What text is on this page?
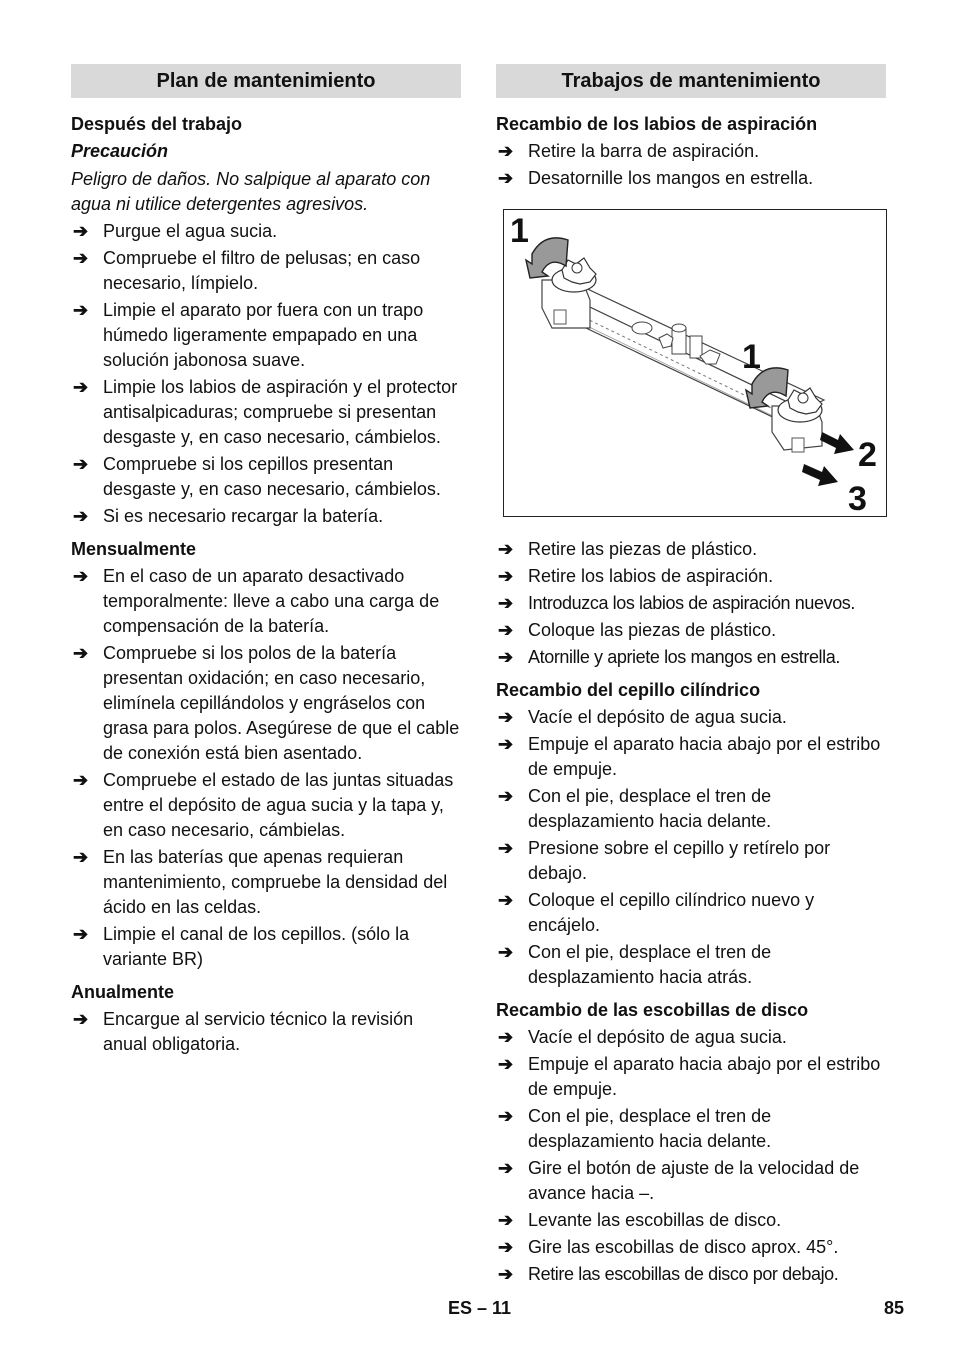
Plan de mantenimiento
Después del trabajo
Precaución
Peligro de daños. No salpique al aparato con agua ni utilice detergentes agresivos.
➔ Purgue el agua sucia.
➔ Compruebe el filtro de pelusas; en caso necesario, límpielo.
➔ Limpie el aparato por fuera con un trapo húmedo ligeramente empapado en una solución jabonosa suave.
➔ Limpie los labios de aspiración y el protector antisalpicaduras; compruebe si presentan desgaste y, en caso necesario, cámbielos.
➔ Compruebe si los cepillos presentan desgaste y, en caso necesario, cámbielos.
➔ Si es necesario recargar la batería.
Mensualmente
➔ En el caso de un aparato desactivado temporalmente: lleve a cabo una carga de compensación de la batería.
➔ Compruebe si los polos de la batería presentan oxidación; en caso necesario, elimínela cepillándolos y engráselos con grasa para polos. Asegúrese de que el cable de conexión está bien asentado.
➔ Compruebe el estado de las juntas situadas entre el depósito de agua sucia y la tapa y, en caso necesario, cámbielas.
➔ En las baterías que apenas requieran mantenimiento, compruebe la densidad del ácido en las celdas.
➔ Limpie el canal de los cepillos. (sólo la variante BR)
Anualmente
➔ Encargue al servicio técnico la revisión anual obligatoria.
Trabajos de mantenimiento
Recambio de los labios de aspiración
➔ Retire la barra de aspiración.
➔ Desatornille los mangos en estrella.
1
1
2
3
➔ Retire las piezas de plástico.
➔ Retire los labios de aspiración.
➔ Introduzca los labios de aspiración nuevos.
➔ Coloque las piezas de plástico.
➔ Atornille y apriete los mangos en estrella.
Recambio del cepillo cilíndrico
➔ Vacíe el depósito de agua sucia.
➔ Empuje el aparato hacia abajo por el estribo de empuje.
➔ Con el pie, desplace el tren de desplazamiento hacia delante.
➔ Presione sobre el cepillo y retírelo por debajo.
➔ Coloque el cepillo cilíndrico nuevo y encájelo.
➔ Con el pie, desplace el tren de desplazamiento hacia atrás.
Recambio de las escobillas de disco
➔ Vacíe el depósito de agua sucia.
➔ Empuje el aparato hacia abajo por el estribo de empuje.
➔ Con el pie, desplace el tren de desplazamiento hacia delante.
➔ Gire el botón de ajuste de la velocidad de avance hacia –.
➔ Levante las escobillas de disco.
➔ Gire las escobillas de disco aprox. 45°.
➔ Retire las escobillas de disco por debajo.
ES – 11	85
